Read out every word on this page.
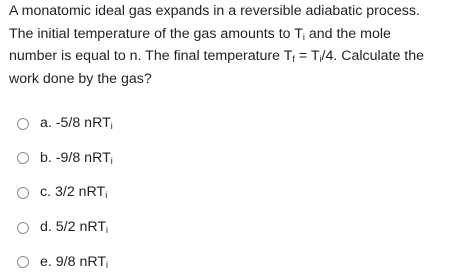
A monatomic ideal gas expands in a reversible adiabatic process.
The initial temperature of the gas amounts to $T_i$ and the mole
number is equal to n. The final temperature $T_f = T_i/4$. Calculate the
work done by the gas?
a. -5/8 nRT$_i$
b. -9/8 nRT$_i$
c. 3/2 nRT$_i$
d. 5/2 nRT$_i$
e. 9/8 nRT$_i$
